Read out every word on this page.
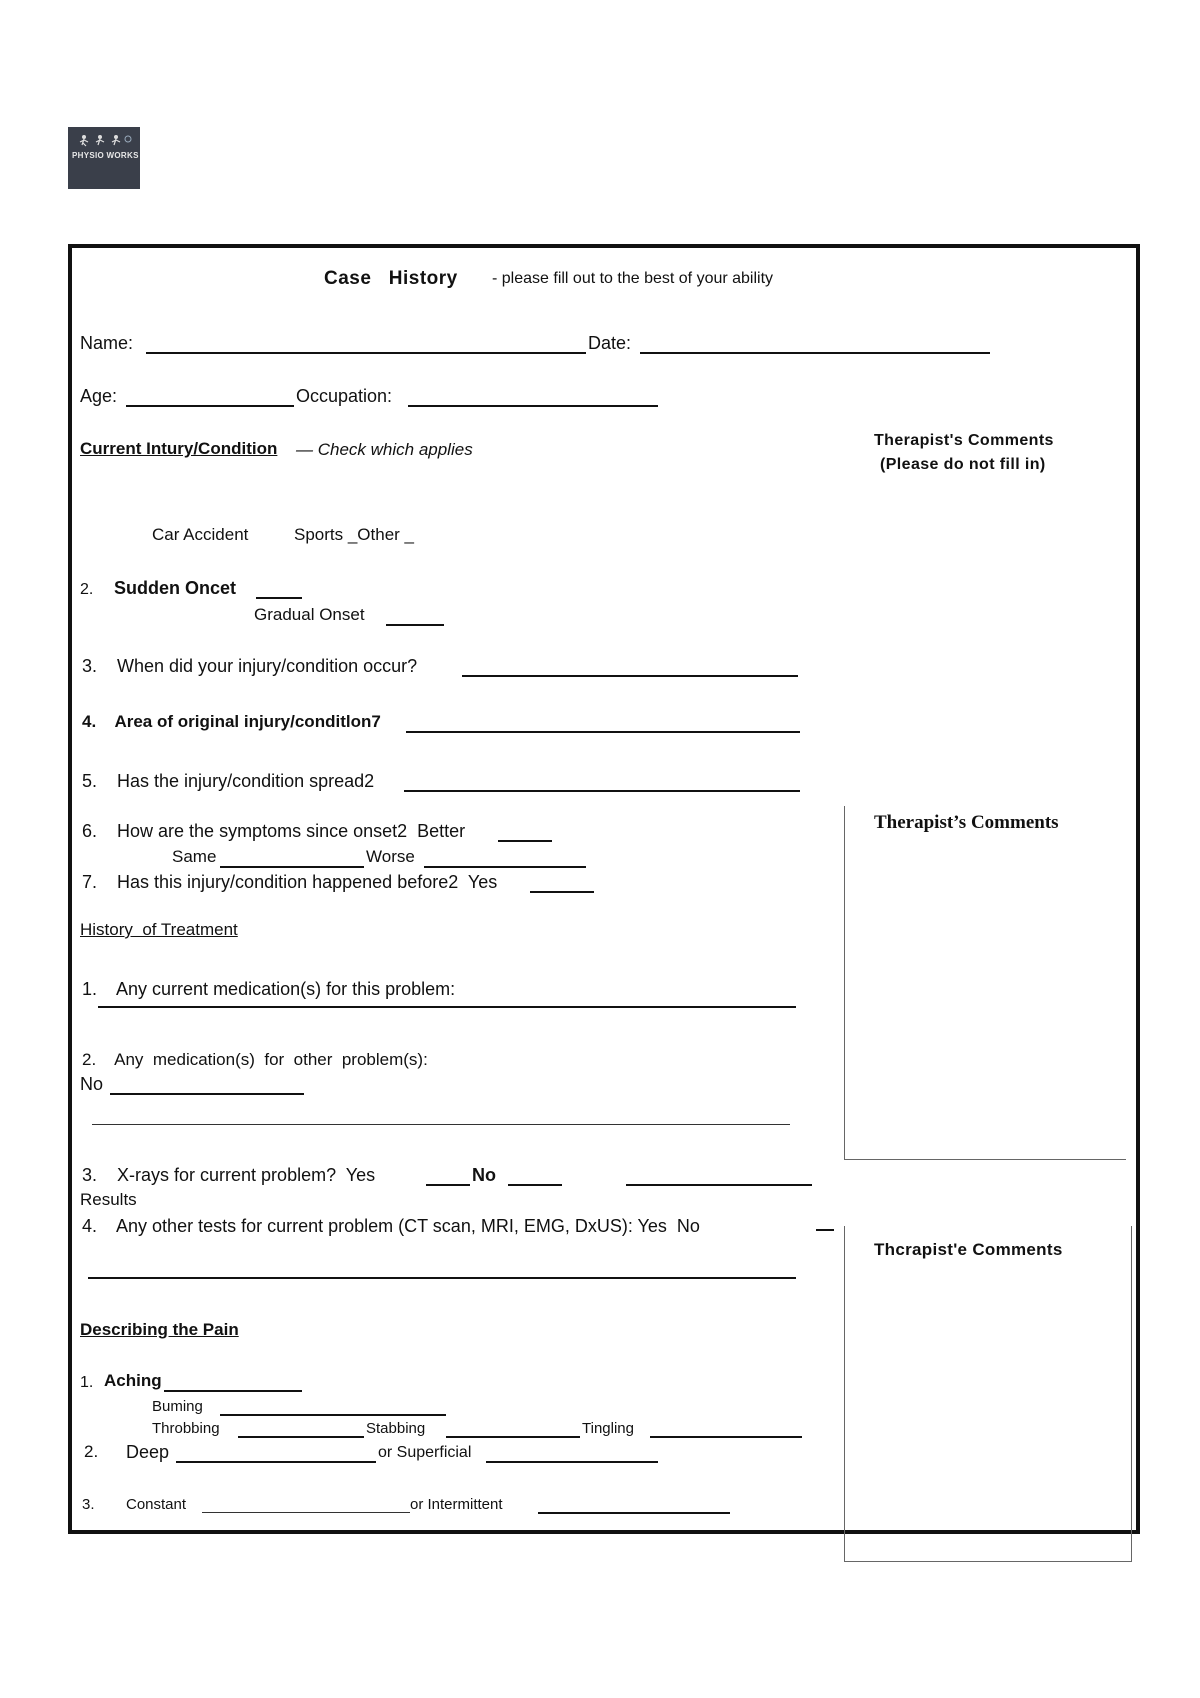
PHYSIO WORKS
Case   History - please fill out to the best of your ability
Name:	Date:
Age:	Occupation:
Current Intury/Condition — Check which applies	Therapist's Comments
(Please do not fill in)
Car Accident	Sports _Other _
2. Sudden Oncet
Gradual Onset
3.    When did your injury/condition occur?
4.    Area of original injury/conditlon7
5.    Has the injury/condition spread2
6.    How are the symptoms since onset2  Better
Same	Worse
7.    Has this injury/condition happened before2  Yes
Therapist’s Comments
History  of Treatment
1.    Any current medication(s) for this problem:
2.    Any  medication(s)  for  other  problem(s):
No
3.    X-rays for current problem?  Yes	No
Results
4.    Any other tests for current problem (CT scan, MRI, EMG, DxUS): Yes  No
Thcrapist'e Comments
Describing the Pain
1. Aching
Buming
Throbbing	Stabbing	Tingling
2. Deep	or Superficial
3. Constant	or Intermittent
